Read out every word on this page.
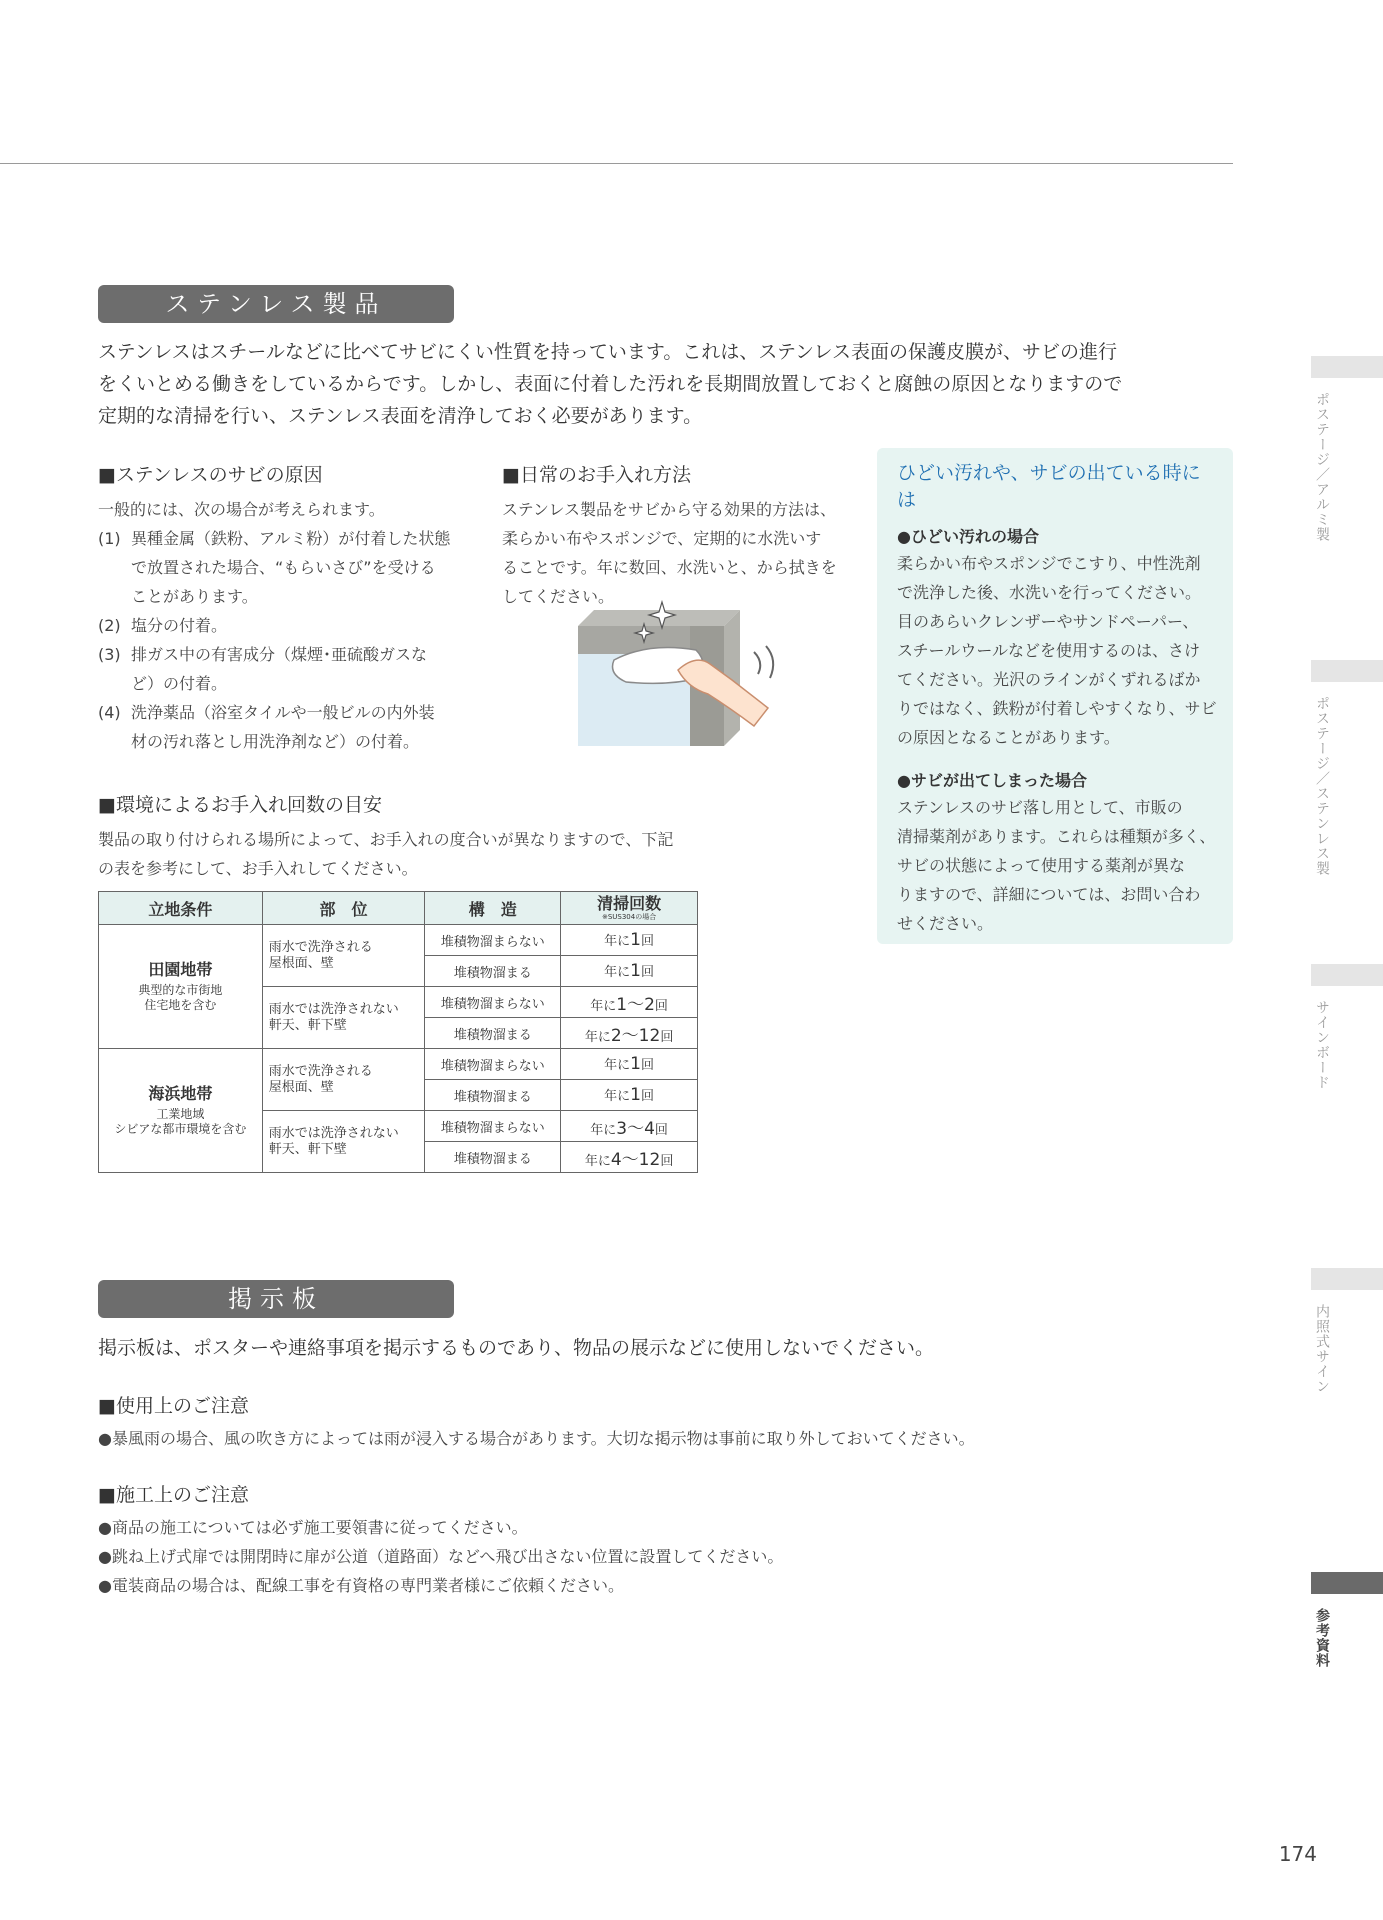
ステンレス製品

ステンレスはスチールなどに比べてサビにくい性質を持っています。これは、ステンレス表面の保護皮膜が、サビの進行

をくいとめる働きをしているからです。しかし、表面に付着した汚れを長期間放置しておくと腐蝕の原因となりますので

定期的な清掃を行い、ステンレス表面を清浄しておく必要があります。

■ステンレスのサビの原因

一般的には、次の場合が考えられます。

(1) 異種金属（鉄粉、アルミ粉）が付着した状態
で放置された場合、“もらいさび”を受ける
ことがあります。
(2) 塩分の付着。
(3) 排ガス中の有害成分（煤煙･亜硫酸ガスな
ど）の付着。
(4) 洗浄薬品（浴室タイルや一般ビルの内外装
材の汚れ落とし用洗浄剤など）の付着。

■日常のお手入れ方法

ステンレス製品をサビから守る効果的方法は、

柔らかい布やスポンジで、定期的に水洗いす

ることです。年に数回、水洗いと、から拭きを

してください。

ひどい汚れや、サビの出ている時には

●ひどい汚れの場合

柔らかい布やスポンジでこすり、中性洗剤

で洗浄した後、水洗いを行ってください。

目のあらいクレンザーやサンドペーパー、

スチールウールなどを使用するのは、さけ

てください。光沢のラインがくずれるばか

りではなく、鉄粉が付着しやすくなり、サビ

の原因となることがあります。

●サビが出てしまった場合

ステンレスのサビ落し用として、市販の

清掃薬剤があります。これらは種類が多く、

サビの状態によって使用する薬剤が異な

りますので、詳細については、お問い合わ

せください。

■環境によるお手入れ回数の目安

製品の取り付けられる場所によって、お手入れの度合いが異なりますので、下記

の表を参考にして、お手入れしてください。

立地条件	部　位	構　造	清掃回数
※SUS304の場合

田園地帯
典型的な市街地
住宅地を含む	雨水で洗浄される
屋根面、壁	堆積物溜まらない	年に1回
		堆積物溜まる	年に1回

	雨水では洗浄されない
軒天、軒下壁	堆積物溜まらない	年に1〜2回
		堆積物溜まる	年に2〜12回

海浜地帯
工業地域
シビアな都市環境を含む	雨水で洗浄される
屋根面、壁	堆積物溜まらない	年に1回
		堆積物溜まる	年に1回

	雨水では洗浄されない
軒天、軒下壁	堆積物溜まらない	年に3〜4回
		堆積物溜まる	年に4〜12回
掲示板

掲示板は、ポスターや連絡事項を掲示するものであり、物品の展示などに使用しないでください。

■使用上のご注意

●暴風雨の場合、風の吹き方によっては雨が浸入する場合があります。大切な掲示物は事前に取り外しておいてください。

■施工上のご注意

●商品の施工については必ず施工要領書に従ってください。

●跳ね上げ式扉では開閉時に扉が公道（道路面）などへ飛び出さない位置に設置してください。

●電装商品の場合は、配線工事を有資格の専門業者様にご依頼ください。

ポステージ／アルミ製
ポステージ／ステンレス製
サインボード
内照式サイン
参考資料
174
